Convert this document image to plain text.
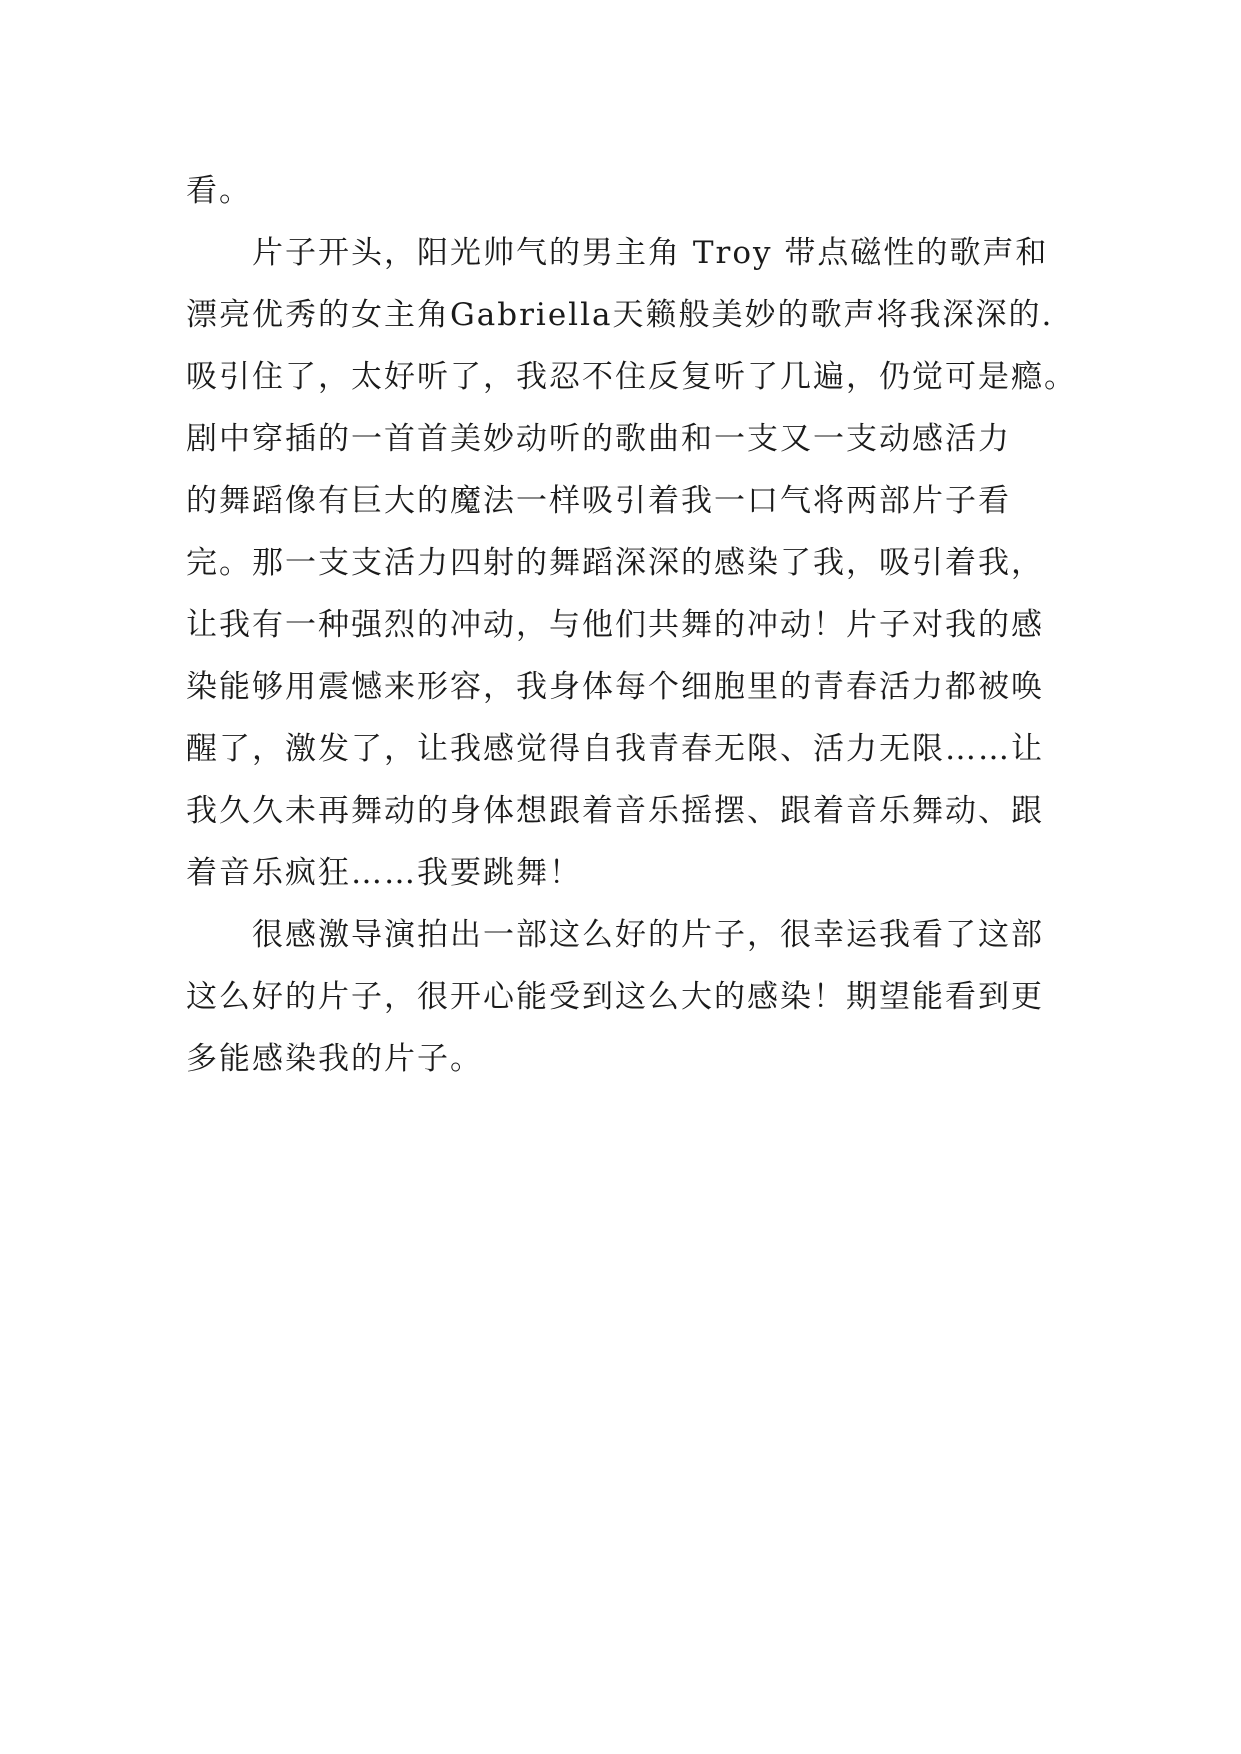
看。
片子开头，阳光帅气的男主角 Troy 带点磁性的歌声和
漂亮优秀的女主角Gabriella天籁般美妙的歌声将我深深的.
吸引住了，太好听了，我忍不住反复听了几遍，仍觉可是瘾。
剧中穿插的一首首美妙动听的歌曲和一支又一支动感活力
的舞蹈像有巨大的魔法一样吸引着我一口气将两部片子看
完。那一支支活力四射的舞蹈深深的感染了我，吸引着我，
让我有一种强烈的冲动，与他们共舞的冲动！片子对我的感
染能够用震憾来形容，我身体每个细胞里的青春活力都被唤
醒了，激发了，让我感觉得自我青春无限、活力无限……让
我久久未再舞动的身体想跟着音乐摇摆、跟着音乐舞动、跟
着音乐疯狂……我要跳舞！
很感激导演拍出一部这么好的片子，很幸运我看了这部
这么好的片子，很开心能受到这么大的感染！期望能看到更
多能感染我的片子。
